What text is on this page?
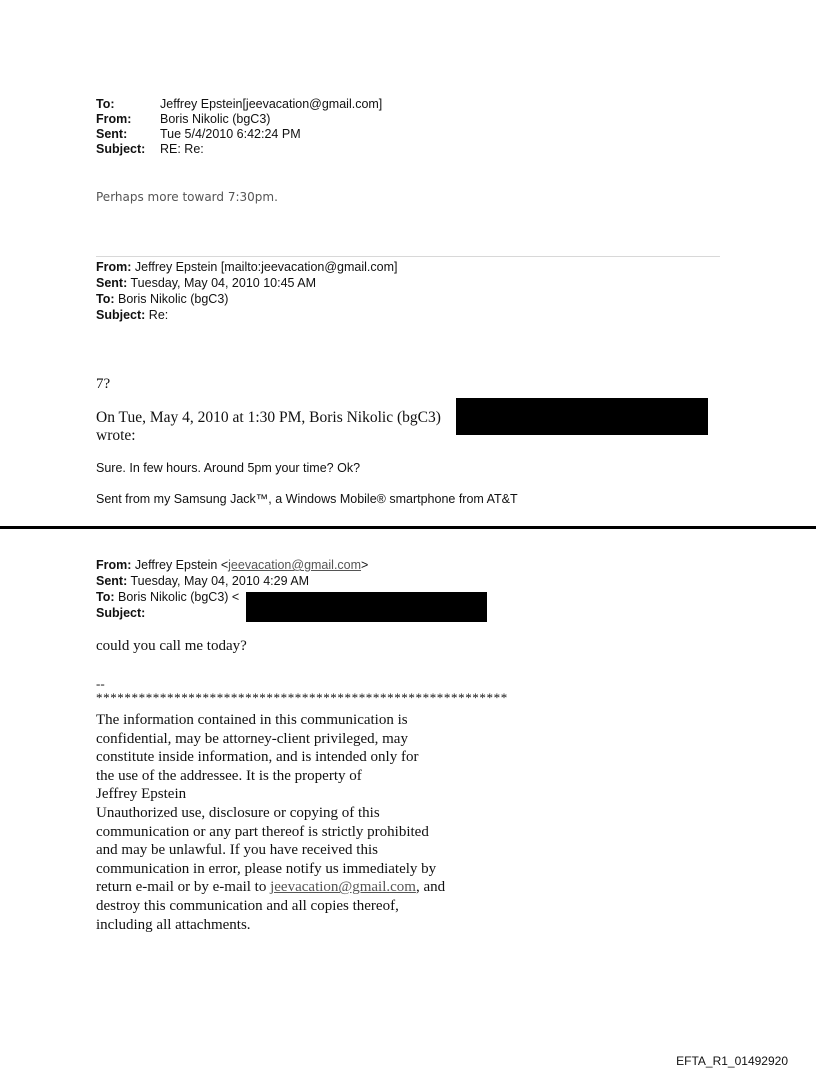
To:	Jeffrey Epstein[jeevacation@gmail.com]
From: Boris Nikolic (bgC3)
Sent:	Tue 5/4/2010 6:42:24 PM
Subject: RE: Re:
Perhaps more toward 7:30pm.
From: Jeffrey Epstein [mailto:jeevacation@gmail.com]
Sent: Tuesday, May 04, 2010 10:45 AM
To: Boris Nikolic (bgC3)
Subject: Re:
7?
On Tue, May 4, 2010 at 1:30 PM, Boris Nikolic (bgC3)
wrote:
Sure. In few hours. Around 5pm your time? Ok?
Sent from my Samsung Jack™, a Windows Mobile® smartphone from AT&T
From: Jeffrey Epstein <jeevacation@gmail.com>
Sent: Tuesday, May 04, 2010 4:29 AM
To: Boris Nikolic (bgC3) <
Subject:
could you call me today?
--
**********************************************************
The information contained in this communication is
confidential, may be attorney-client privileged, may
constitute inside information, and is intended only for
the use of the addressee. It is the property of
Jeffrey Epstein
Unauthorized use, disclosure or copying of this
communication or any part thereof is strictly prohibited
and may be unlawful. If you have received this
communication in error, please notify us immediately by
return e-mail or by e-mail to jeevacation@gmail.com, and
destroy this communication and all copies thereof,
including all attachments.
EFTA_R1_01492920
